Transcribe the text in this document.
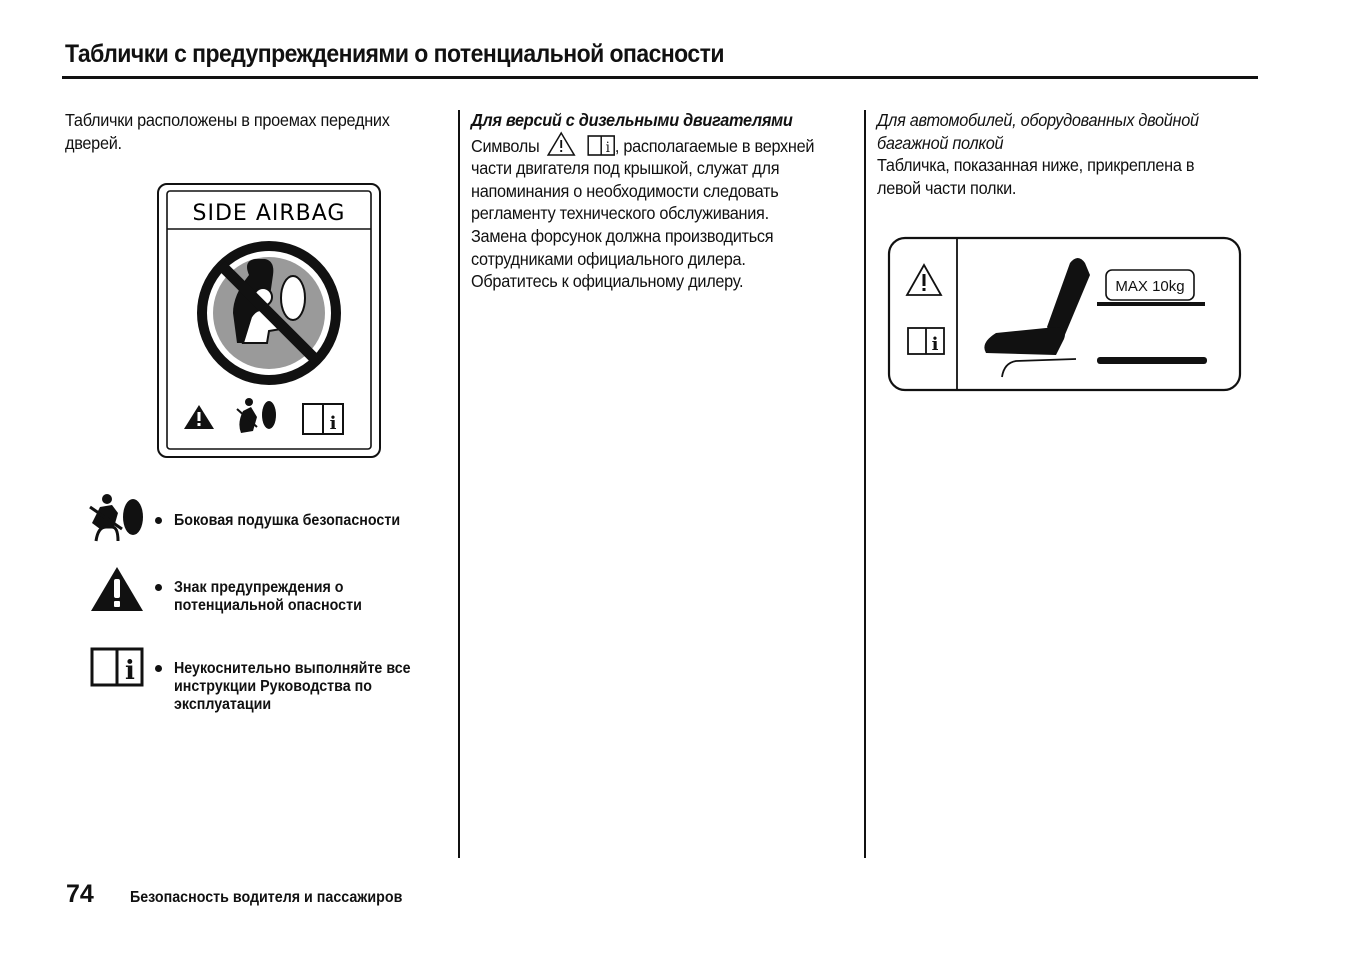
Таблички с предупреждениями о потенциальной опасности
Таблички расположены в проемах передних
дверей.
SIDE AIRBAG
i
Боковая подушка безопасности
Знак предупреждения о
потенциальной опасности
i	Неукоснительно выполняйте все
инструкции Руководства по
эксплуатации
Для версий с дизельными двигателями
Символы	i , располагаемые в верхней
части двигателя под крышкой, служат для
напоминания о необходимости следовать
регламенту технического обслуживания.
Замена форсунок должна производиться
сотрудниками официального дилера.
Обратитесь к официальному дилеру.
Для автомобилей, оборудованных двойной
багажной полкой
Табличка, показанная ниже, прикреплена в
левой части полки.
i
MAX 10kg
74 Безопасность водителя и пассажиров
